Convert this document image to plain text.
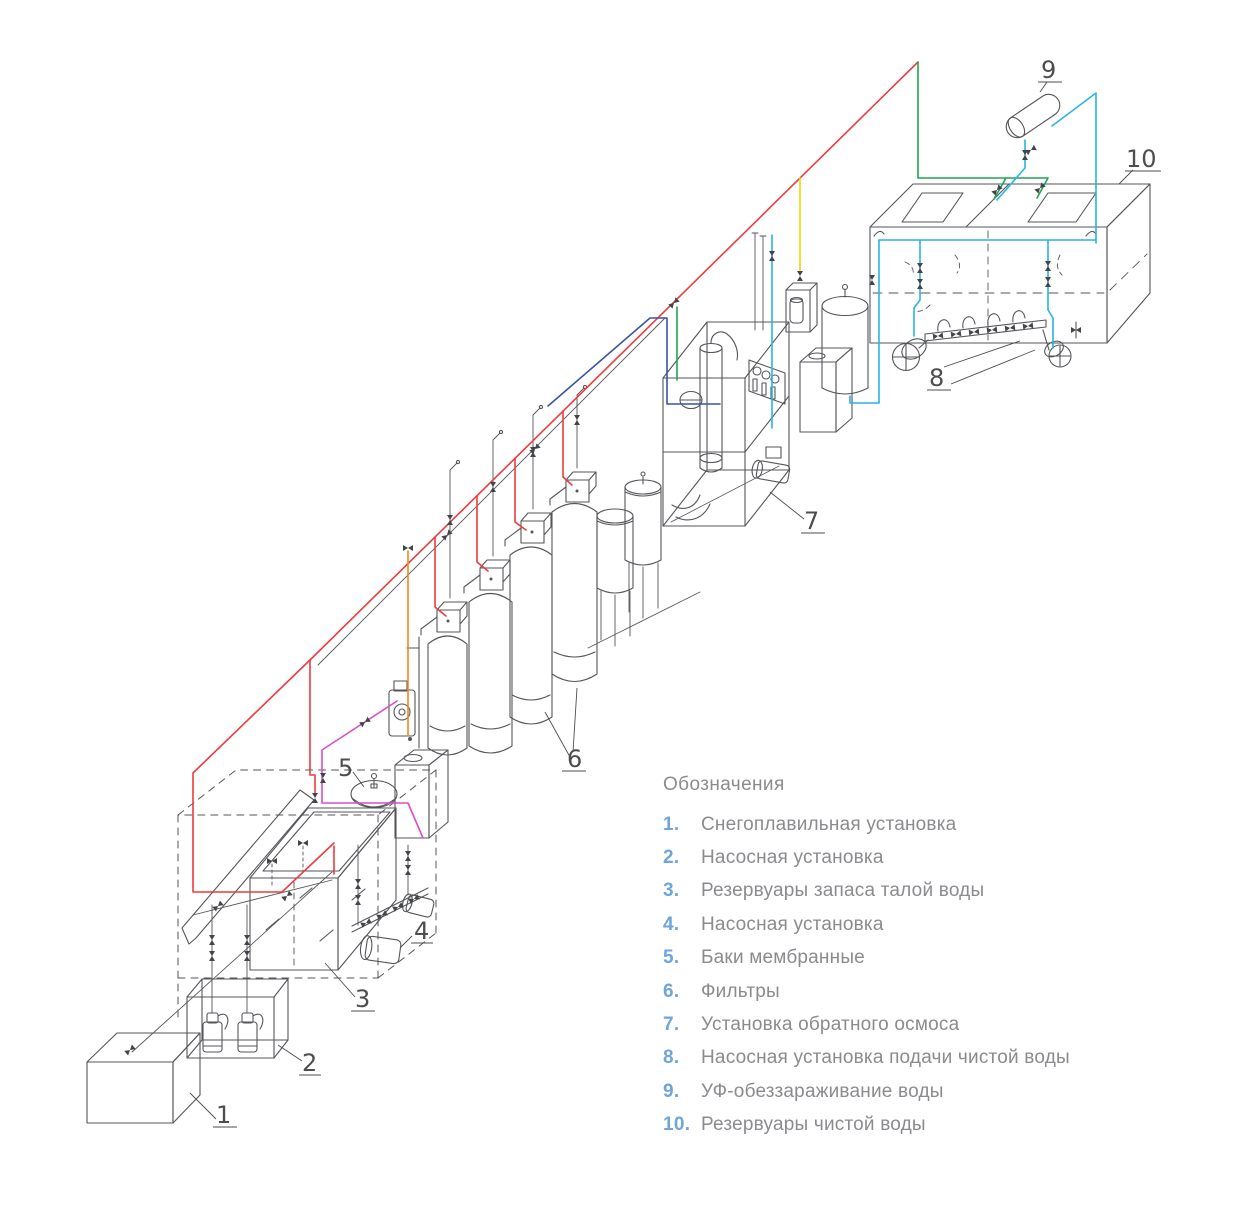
1
2
3
4
5	6
7
8
9
10

Обозначения

1.	Снегоплавильная установка
2.	Насосная установка
3.	Резервуары запаса талой воды
4.	Насосная установка
5.	Баки мембранные
6.	Фильтры
7.	Установка обратного осмоса
8.	Насосная установка подачи чистой воды
9.	УФ-обеззараживание воды
10. Резервуары чистой воды
